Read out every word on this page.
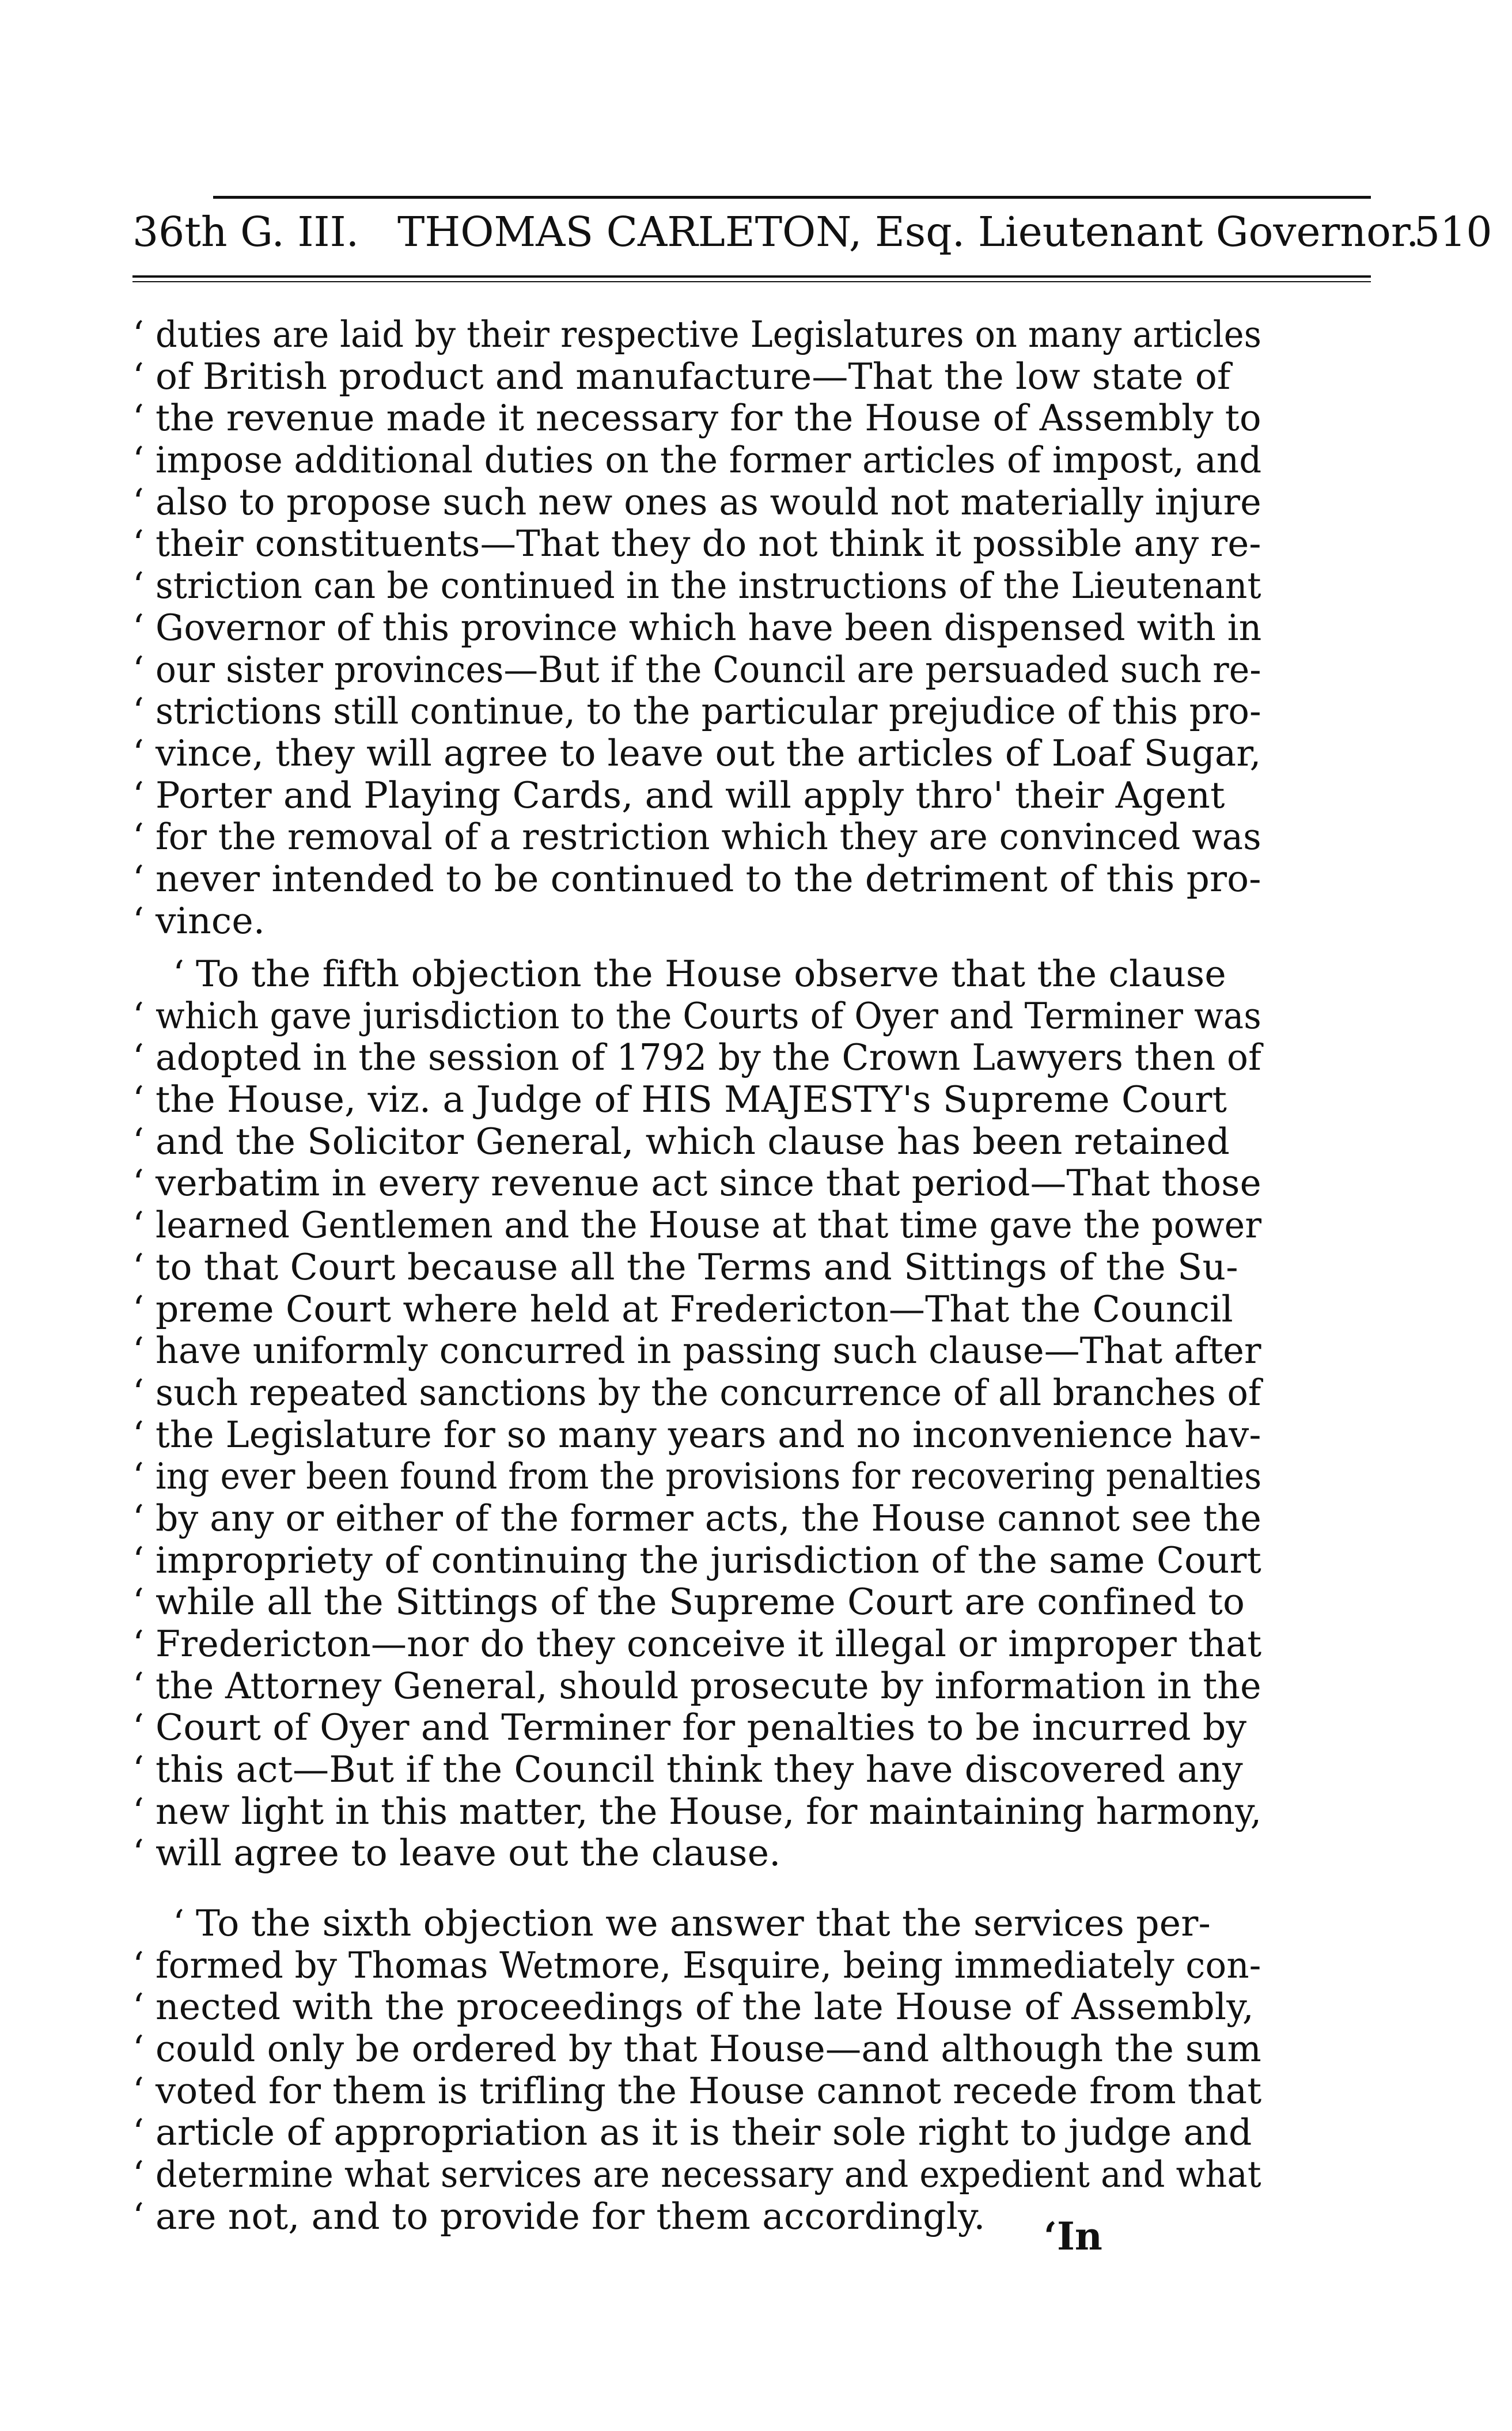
36th G. III. THOMAS CARLETON, Esq. Lieutenant Governor.
510
‘ duties are laid by their respective Legislatures on many articles
‘ of British product and manufacture—That the low state of
‘ the revenue made it necessary for the House of Assembly to
‘ impose additional duties on the former articles of impost, and
‘ also to propose such new ones as would not materially injure
‘ their constituents—That they do not think it possible any re-
‘ striction can be continued in the instructions of the Lieutenant
‘ Governor of this province which have been dispensed with in
‘ our sister provinces—But if the Council are persuaded such re-
‘ strictions still continue, to the particular prejudice of this pro-
‘ vince, they will agree to leave out the articles of Loaf Sugar,
‘ Porter and Playing Cards, and will apply thro' their Agent
‘ for the removal of a restriction which they are convinced was
‘ never intended to be continued to the detriment of this pro-
‘ vince.
‘ To the fifth objection the House observe that the clause
‘ which gave jurisdiction to the Courts of Oyer and Terminer was
‘ adopted in the session of 1792 by the Crown Lawyers then of
‘ the House, viz. a Judge of HIS MAJESTY's Supreme Court
‘ and the Solicitor General, which clause has been retained
‘ verbatim in every revenue act since that period—That those
‘ learned Gentlemen and the House at that time gave the power
‘ to that Court because all the Terms and Sittings of the Su-
‘ preme Court where held at Fredericton—That the Council
‘ have uniformly concurred in passing such clause—That after
‘ such repeated sanctions by the concurrence of all branches of
‘ the Legislature for so many years and no inconvenience hav-
‘ ing ever been found from the provisions for recovering penalties
‘ by any or either of the former acts, the House cannot see the
‘ impropriety of continuing the jurisdiction of the same Court
‘ while all the Sittings of the Supreme Court are confined to
‘ Fredericton—nor do they conceive it illegal or improper that
‘ the Attorney General, should prosecute by information in the
‘ Court of Oyer and Terminer for penalties to be incurred by
‘ this act—But if the Council think they have discovered any
‘ new light in this matter, the House, for maintaining harmony,
‘ will agree to leave out the clause.
‘ To the sixth objection we answer that the services per-
‘ formed by Thomas Wetmore, Esquire, being immediately con-
‘ nected with the proceedings of the late House of Assembly,
‘ could only be ordered by that House—and although the sum
‘ voted for them is trifling the House cannot recede from that
‘ article of appropriation as it is their sole right to judge and
‘ determine what services are necessary and expedient and what
‘ are not, and to provide for them accordingly. ‘In
